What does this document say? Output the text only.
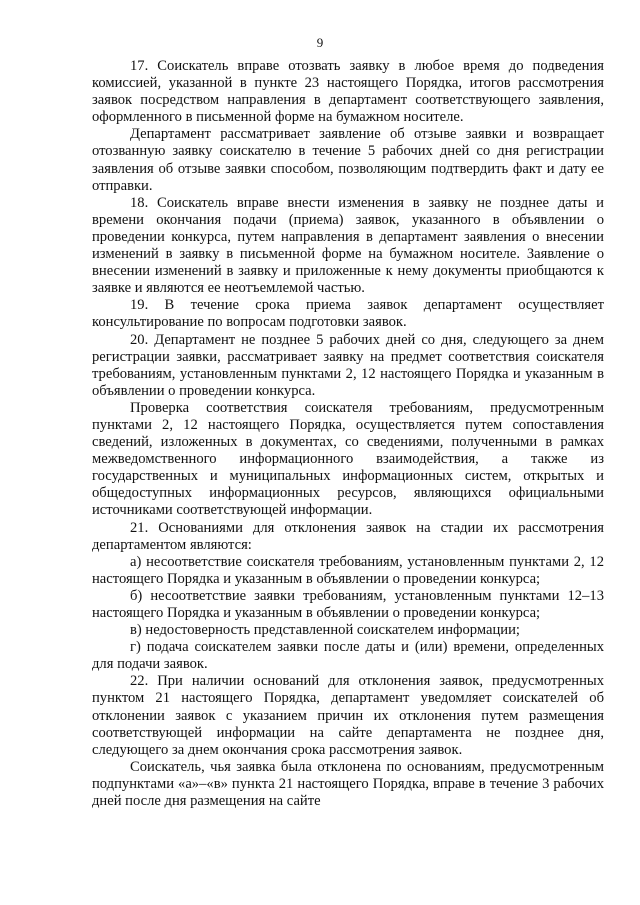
9

17. Соискатель вправе отозвать заявку в любое время до подведения комиссией, указанной в пункте 23 настоящего Порядка, итогов рассмотрения заявок посредством направления в департамент соответствующего заявления, оформленного в письменной форме на бумажном носителе.

Департамент рассматривает заявление об отзыве заявки и возвращает отозванную заявку соискателю в течение 5 рабочих дней со дня регистрации заявления об отзыве заявки способом, позволяющим подтвердить факт и дату ее отправки.

18. Соискатель вправе внести изменения в заявку не позднее даты и времени окончания подачи (приема) заявок, указанного в объявлении о проведении конкурса, путем направления в департамент заявления о внесении изменений в заявку в письменной форме на бумажном носителе. Заявление о внесении изменений в заявку и приложенные к нему документы приобщаются к заявке и являются ее неотъемлемой частью.

19. В течение срока приема заявок департамент осуществляет консультирование по вопросам подготовки заявок.

20. Департамент не позднее 5 рабочих дней со дня, следующего за днем регистрации заявки, рассматривает заявку на предмет соответствия соискателя требованиям, установленным пунктами 2, 12 настоящего Порядка и указанным в объявлении о проведении конкурса.

Проверка соответствия соискателя требованиям, предусмотренным пунктами 2, 12 настоящего Порядка, осуществляется путем сопоставления сведений, изложенных в документах, со сведениями, полученными в рамках межведомственного информационного взаимодействия, а также из государственных и муниципальных информационных систем, открытых и общедоступных информационных ресурсов, являющихся официальными источниками соответствующей информации.

21. Основаниями для отклонения заявок на стадии их рассмотрения департаментом являются:

а) несоответствие соискателя требованиям, установленным пунктами 2, 12 настоящего Порядка и указанным в объявлении о проведении конкурса;

б) несоответствие заявки требованиям, установленным пунктами 12–13 настоящего Порядка и указанным в объявлении о проведении конкурса;

в) недостоверность представленной соискателем информации;

г) подача соискателем заявки после даты и (или) времени, определенных для подачи заявок.

22. При наличии оснований для отклонения заявок, предусмотренных пунктом 21 настоящего Порядка, департамент уведомляет соискателей об отклонении заявок с указанием причин их отклонения путем размещения соответствующей информации на сайте департамента не позднее дня, следующего за днем окончания срока рассмотрения заявок.

Соискатель, чья заявка была отклонена по основаниям, предусмотренным подпунктами «а»–«в» пункта 21 настоящего Порядка, вправе в течение 3 рабочих дней после дня размещения на сайте
